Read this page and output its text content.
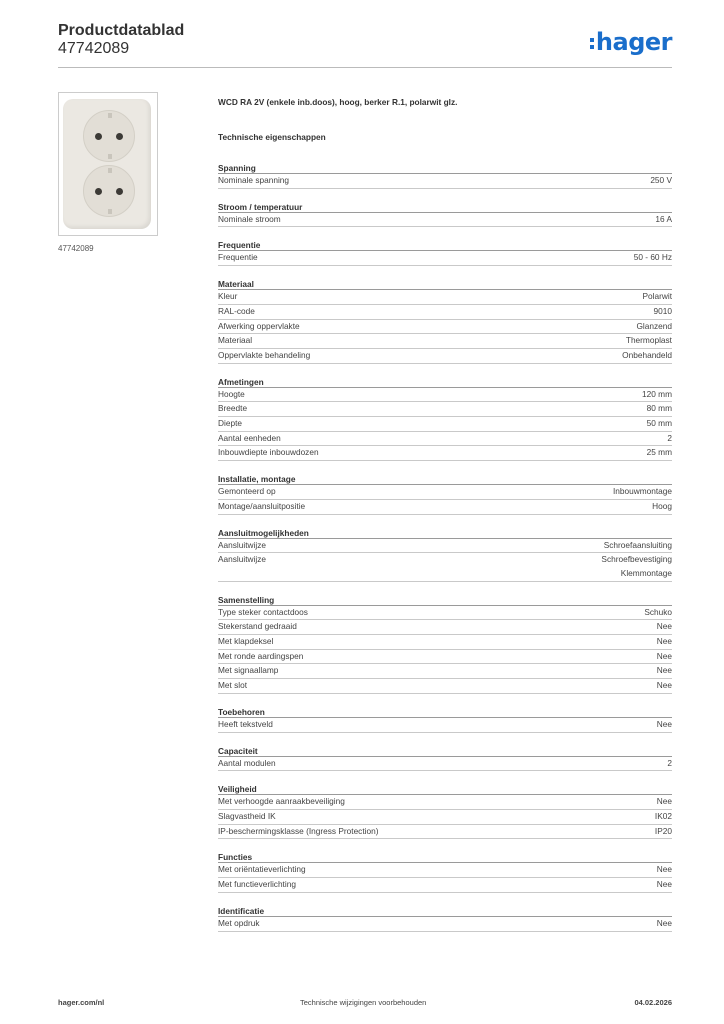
Productdatablad
47742089	hager
47742089
WCD RA 2V (enkele inb.doos), hoog, berker R.1, polarwit glz.
Technische eigenschappen
Spanning
Nominale spanning	250 V
Stroom / temperatuur
Nominale stroom	16 A
Frequentie
Frequentie	50 - 60 Hz
Materiaal
Kleur	Polarwit
RAL-code	9010
Afwerking oppervlakte	Glanzend
Materiaal	Thermoplast
Oppervlakte behandeling	Onbehandeld
Afmetingen
Hoogte	120 mm
Breedte	80 mm
Diepte	50 mm
Aantal eenheden	2
Inbouwdiepte inbouwdozen	25 mm
Installatie, montage
Gemonteerd op	Inbouwmontage
Montage/aansluitpositie	Hoog
Aansluitmogelijkheden
Aansluitwijze	Schroefaansluiting
Aansluitwijze	Schroefbevestiging
Klemmontage
Samenstelling
Type steker contactdoos	Schuko
Stekerstand gedraaid	Nee
Met klapdeksel	Nee
Met ronde aardingspen	Nee
Met signaallamp	Nee
Met slot	Nee
Toebehoren
Heeft tekstveld	Nee
Capaciteit
Aantal modulen	2
Veiligheid
Met verhoogde aanraakbeveiliging	Nee
Slagvastheid IK	IK02
IP-beschermingsklasse (Ingress Protection)	IP20
Functies
Met oriëntatieverlichting	Nee
Met functieverlichting	Nee
Identificatie
Met opdruk	Nee
hager.com/nl	Technische wijzigingen voorbehouden	04.02.2026
